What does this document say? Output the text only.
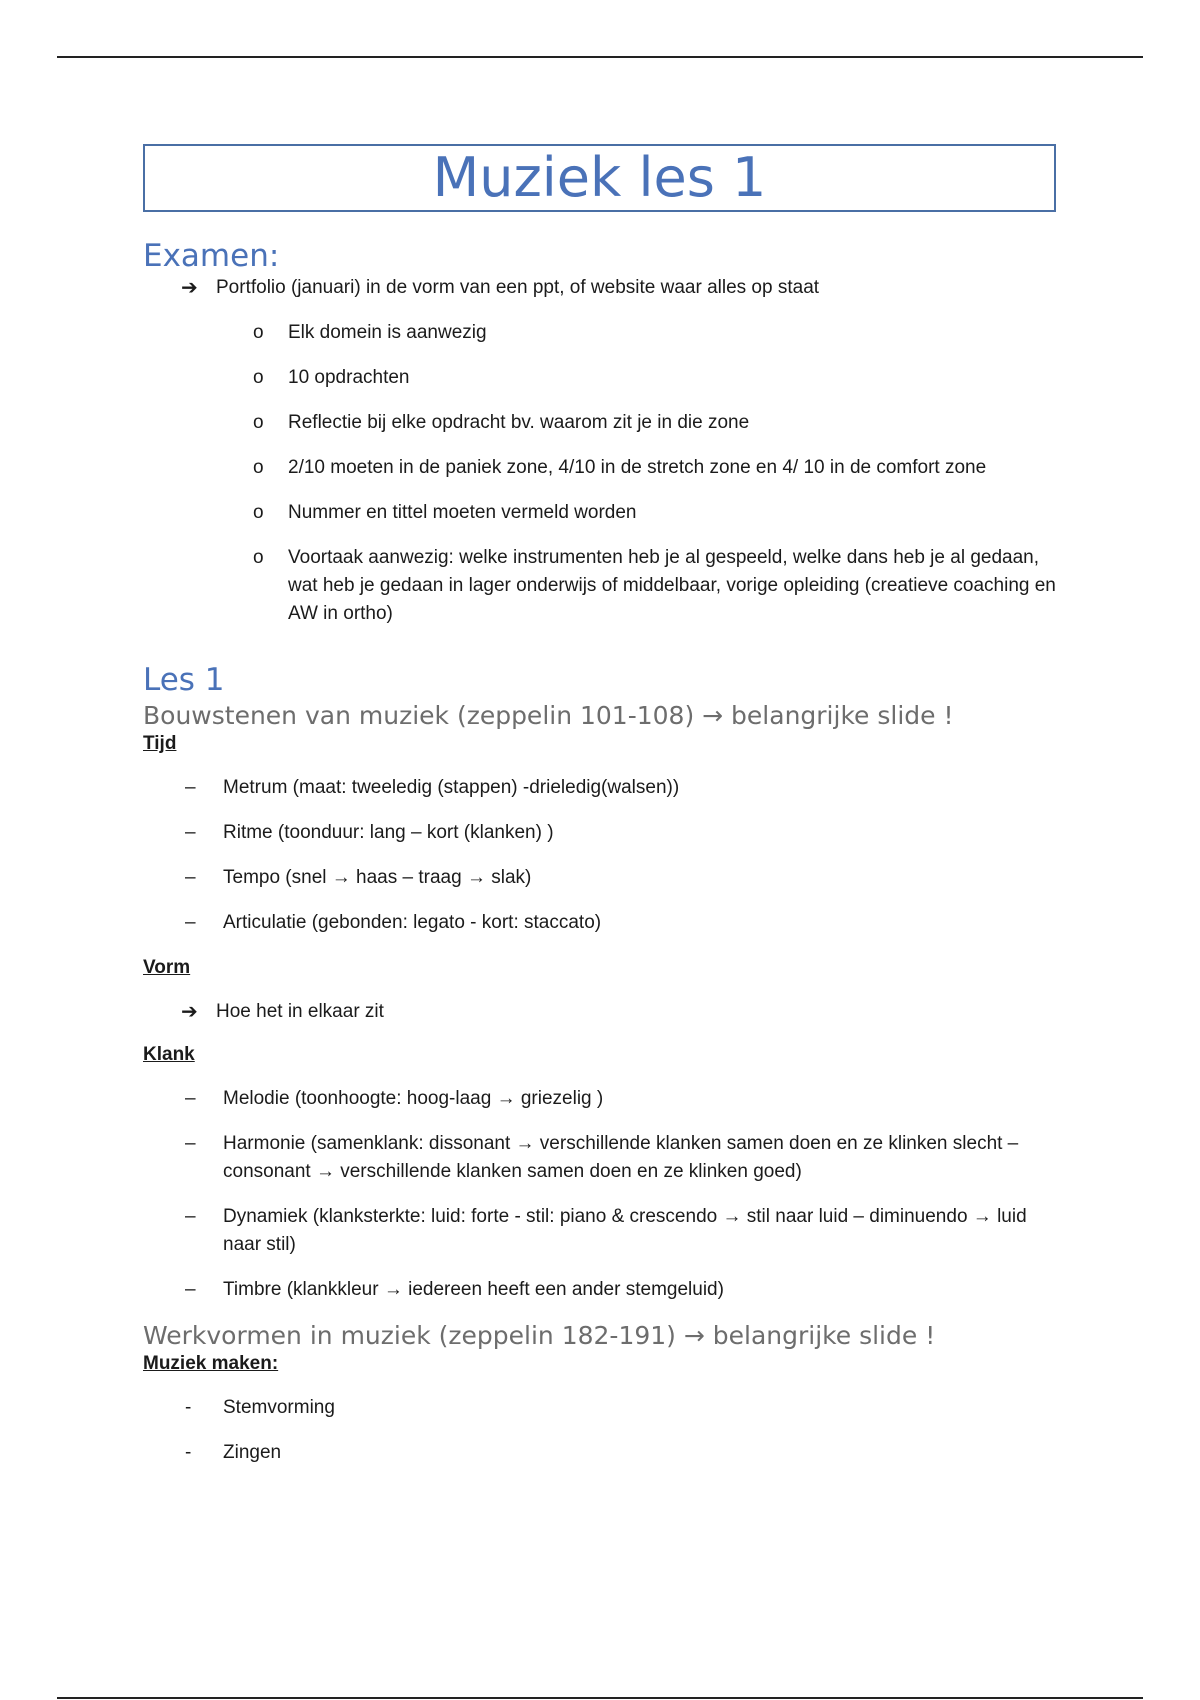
Muziek les 1
Examen:
➔ Portfolio (januari) in de vorm van een ppt, of website waar alles op staat
o Elk domein is aanwezig
o 10 opdrachten
o Reflectie bij elke opdracht bv. waarom zit je in die zone
o 2/10 moeten in de paniek zone, 4/10 in de stretch zone en 4/ 10 in de comfort zone
o Nummer en tittel moeten vermeld worden
o Voortaak aanwezig: welke instrumenten heb je al gespeeld, welke dans heb je al gedaan, wat heb je gedaan in lager onderwijs of middelbaar, vorige opleiding (creatieve coaching en AW in ortho)
Les 1
Bouwstenen van muziek (zeppelin 101-108) → belangrijke slide !
Tijd
– Metrum (maat: tweeledig (stappen) -drieledig(walsen))
– Ritme (toonduur: lang – kort (klanken) )
– Tempo (snel → haas – traag → slak)
– Articulatie (gebonden: legato - kort: staccato)
Vorm
➔ Hoe het in elkaar zit
Klank
– Melodie (toonhoogte: hoog-laag → griezelig )
– Harmonie (samenklank: dissonant → verschillende klanken samen doen en ze klinken slecht – consonant → verschillende klanken samen doen en ze klinken goed)
– Dynamiek (klanksterkte: luid: forte - stil: piano & crescendo → stil naar luid – diminuendo → luid naar stil)
– Timbre (klankkleur → iedereen heeft een ander stemgeluid)
Werkvormen in muziek (zeppelin 182-191) → belangrijke slide !
Muziek maken:
- Stemvorming
- Zingen
